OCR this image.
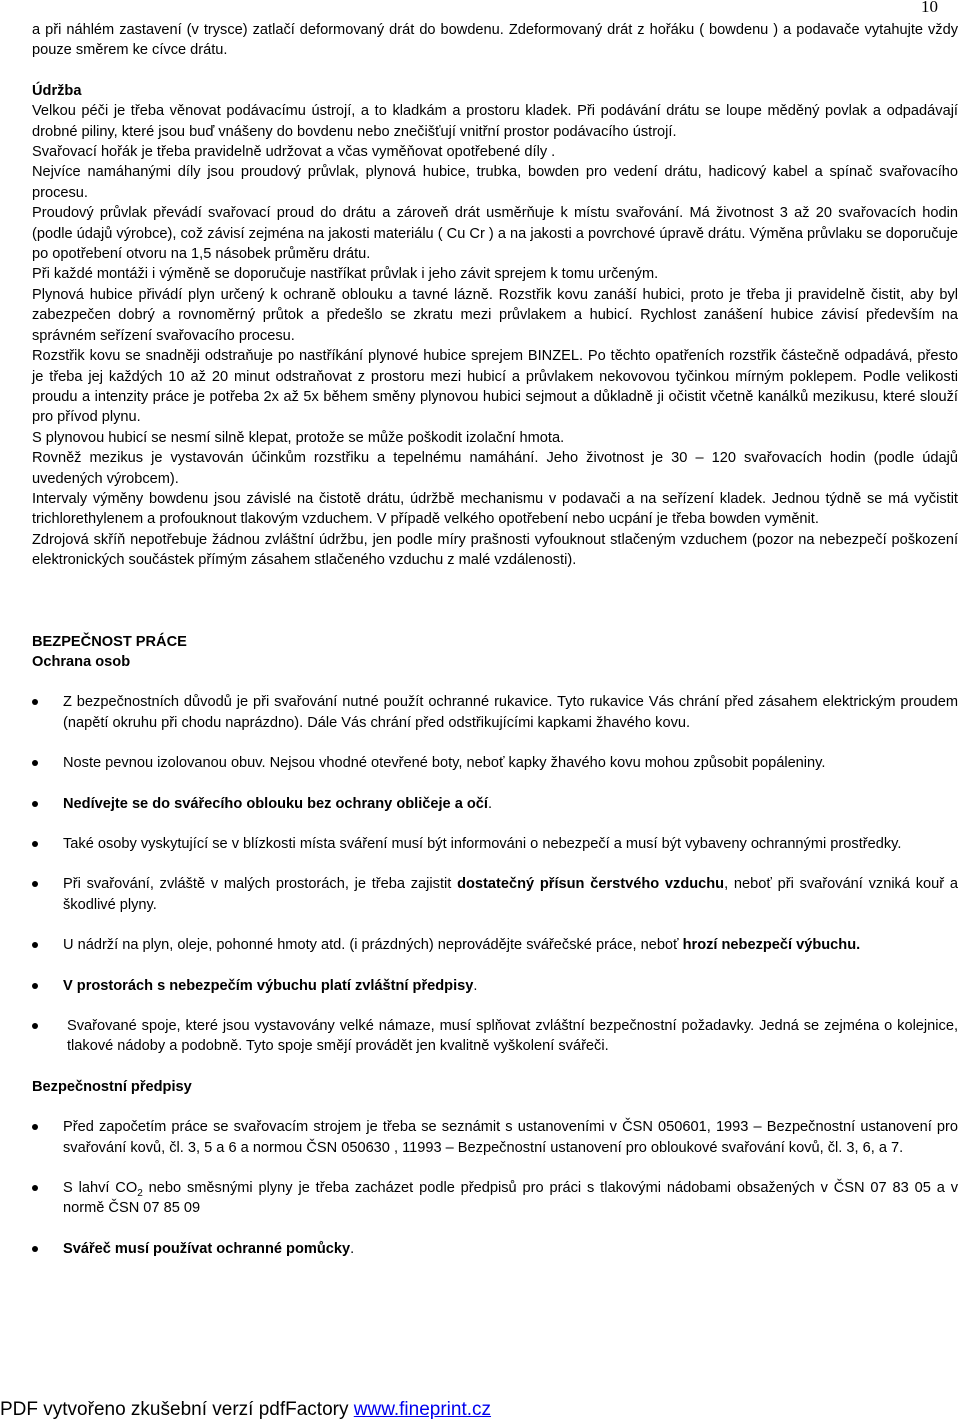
10

a při náhlém zastavení (v trysce) zatlačí deformovaný drát do bowdenu. Zdeformovaný drát z hořáku ( bowdenu ) a podavače vytahujte vždy pouze směrem ke cívce drátu.

Údržba

Velkou péči je třeba věnovat podávacímu ústrojí, a to kladkám a prostoru kladek. Při podávání drátu se loupe měděný povlak a odpadávají drobné piliny, které jsou buď vnášeny do bovdenu nebo znečišťují vnitřní prostor podávacího ústrojí.

Svařovací hořák je třeba pravidelně udržovat a včas vyměňovat opotřebené díly .

Nejvíce namáhanými díly jsou proudový průvlak, plynová hubice, trubka, bowden pro vedení drátu, hadicový kabel a spínač svařovacího procesu.

Proudový průvlak převádí svařovací proud do drátu a zároveň drát usměrňuje k místu svařování. Má životnost 3 až 20 svařovacích hodin (podle údajů výrobce), což závisí zejména na jakosti materiálu ( Cu Cr ) a na jakosti a povrchové úpravě drátu. Výměna průvlaku se doporučuje po opotřebení otvoru na 1,5 násobek průměru drátu.

Při každé montáži i výměně se doporučuje nastříkat průvlak i jeho závit sprejem k tomu určeným.

Plynová hubice přivádí plyn určený k ochraně oblouku a tavné lázně. Rozstřik kovu zanáší hubici, proto je třeba ji pravidelně čistit, aby byl zabezpečen dobrý a rovnoměrný průtok a předešlo se zkratu mezi průvlakem a hubicí. Rychlost zanášení hubice závisí především na správném seřízení svařovacího procesu.

Rozstřik kovu se snadněji odstraňuje po nastříkání plynové hubice sprejem BINZEL. Po těchto opatřeních rozstřik částečně odpadává, přesto je třeba jej každých 10 až 20 minut odstraňovat z prostoru mezi hubicí a průvlakem nekovovou tyčinkou mírným poklepem. Podle velikosti proudu a intenzity práce je potřeba 2x až 5x během směny plynovou hubici sejmout a důkladně ji očistit včetně kanálků mezikusu, které slouží pro přívod plynu.

S plynovou hubicí se nesmí silně klepat, protože se může poškodit izolační hmota.

Rovněž mezikus je vystavován účinkům rozstřiku a tepelnému namáhání. Jeho životnost je 30 – 120 svařovacích hodin (podle údajů uvedených výrobcem).

Intervaly výměny bowdenu jsou závislé na čistotě drátu, údržbě mechanismu v podavači a na seřízení kladek. Jednou týdně se má vyčistit trichlorethylenem a profouknout tlakovým vzduchem. V případě velkého opotřebení nebo ucpání je třeba bowden vyměnit.

Zdrojová skříň nepotřebuje žádnou zvláštní údržbu, jen podle míry prašnosti vyfouknout stlačeným vzduchem (pozor na nebezpečí poškození elektronických součástek přímým zásahem stlačeného vzduchu z malé vzdálenosti).

BEZPEČNOST PRÁCE

Ochrana osob

Z bezpečnostních důvodů je při svařování nutné použít ochranné rukavice. Tyto rukavice Vás chrání před zásahem elektrickým proudem (napětí okruhu při chodu naprázdno). Dále Vás chrání před odstřikujícími kapkami žhavého kovu.
Noste pevnou izolovanou obuv. Nejsou vhodné otevřené boty, neboť kapky žhavého kovu mohou způsobit popáleniny.
Nedívejte se do svářecího oblouku bez ochrany obličeje a očí.
Také osoby vyskytující se v blízkosti místa sváření musí být informováni o nebezpečí a musí být vybaveny ochrannými prostředky.
Při svařování, zvláště v malých prostorách, je třeba zajistit dostatečný přísun čerstvého vzduchu, neboť při svařování vzniká kouř a škodlivé plyny.
U nádrží na plyn, oleje, pohonné hmoty atd. (i prázdných) neprovádějte svářečské práce, neboť hrozí nebezpečí výbuchu.
V prostorách s nebezpečím výbuchu platí zvláštní předpisy.
Svařované spoje, které jsou vystavovány velké námaze, musí splňovat zvláštní bezpečnostní požadavky. Jedná se zejména o kolejnice, tlakové nádoby a podobně. Tyto spoje smějí provádět jen kvalitně vyškolení svářeči.

Bezpečnostní předpisy

Před započetím práce se svařovacím strojem je třeba se seznámit s ustanoveními v ČSN 050601, 1993 – Bezpečnostní ustanovení pro svařování kovů, čl. 3, 5 a 6 a normou ČSN 050630 , 11993 – Bezpečnostní ustanovení pro obloukové svařování kovů, čl. 3, 6, a 7.
S lahví $CO_2$ nebo směsnými plyny je třeba zacházet podle předpisů pro práci s tlakovými nádobami obsažených v ČSN 07 83 05 a v normě ČSN 07 85 09
Svářeč musí používat ochranné pomůcky.
PDF vytvořeno zkušební verzí pdfFactory www.fineprint.cz
